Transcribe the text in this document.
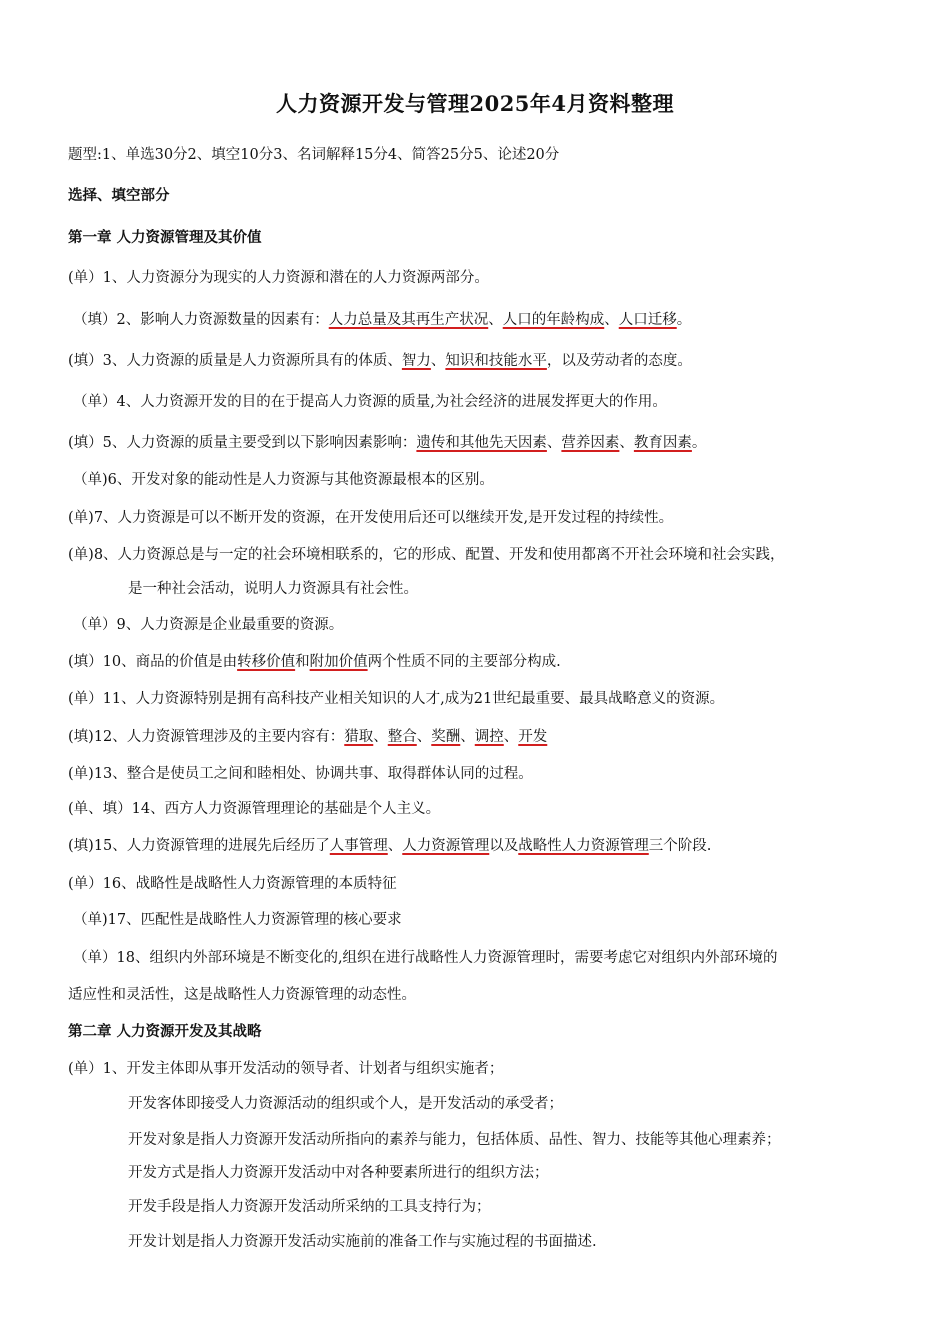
人力资源开发与管理2025年4月资料整理
题型:1、单选30分2、填空10分3、名词解释15分4、简答25分5、论述20分
选择、填空部分
第一章 人力资源管理及其价值
(单）1、人力资源分为现实的人力资源和潜在的人力资源两部分。
（填）2、影响人力资源数量的因素有：人力总量及其再生产状况、人口的年龄构成、人口迁移。
(填）3、人力资源的质量是人力资源所具有的体质、智力、知识和技能水平，以及劳动者的态度。
（单）4、人力资源开发的目的在于提高人力资源的质量,为社会经济的进展发挥更大的作用。
(填）5、人力资源的质量主要受到以下影响因素影响：遗传和其他先天因素、营养因素、教育因素。
（单)6、开发对象的能动性是人力资源与其他资源最根本的区别。
(单)7、人力资源是可以不断开发的资源，在开发使用后还可以继续开发,是开发过程的持续性。
(单)8、人力资源总是与一定的社会环境相联系的，它的形成、配置、开发和使用都离不开社会环境和社会实践，
是一种社会活动，说明人力资源具有社会性。
（单）9、人力资源是企业最重要的资源。
(填）10、商品的价值是由转移价值和附加价值两个性质不同的主要部分构成.
(单）11、人力资源特别是拥有高科技产业相关知识的人才,成为21世纪最重要、最具战略意义的资源。
(填)12、人力资源管理涉及的主要内容有：猎取、整合、奖酬、调控、开发
(单)13、整合是使员工之间和睦相处、协调共事、取得群体认同的过程。
(单、填）14、西方人力资源管理理论的基础是个人主义。
(填)15、人力资源管理的进展先后经历了人事管理、人力资源管理以及战略性人力资源管理三个阶段.
(单）16、战略性是战略性人力资源管理的本质特征
（单)17、匹配性是战略性人力资源管理的核心要求
（单）18、组织内外部环境是不断变化的,组织在进行战略性人力资源管理时，需要考虑它对组织内外部环境的
适应性和灵活性，这是战略性人力资源管理的动态性。
第二章 人力资源开发及其战略
(单）1、开发主体即从事开发活动的领导者、计划者与组织实施者；
开发客体即接受人力资源活动的组织或个人，是开发活动的承受者；
开发对象是指人力资源开发活动所指向的素养与能力，包括体质、品性、智力、技能等其他心理素养；
开发方式是指人力资源开发活动中对各种要素所进行的组织方法；
开发手段是指人力资源开发活动所采纳的工具支持行为；
开发计划是指人力资源开发活动实施前的准备工作与实施过程的书面描述.
